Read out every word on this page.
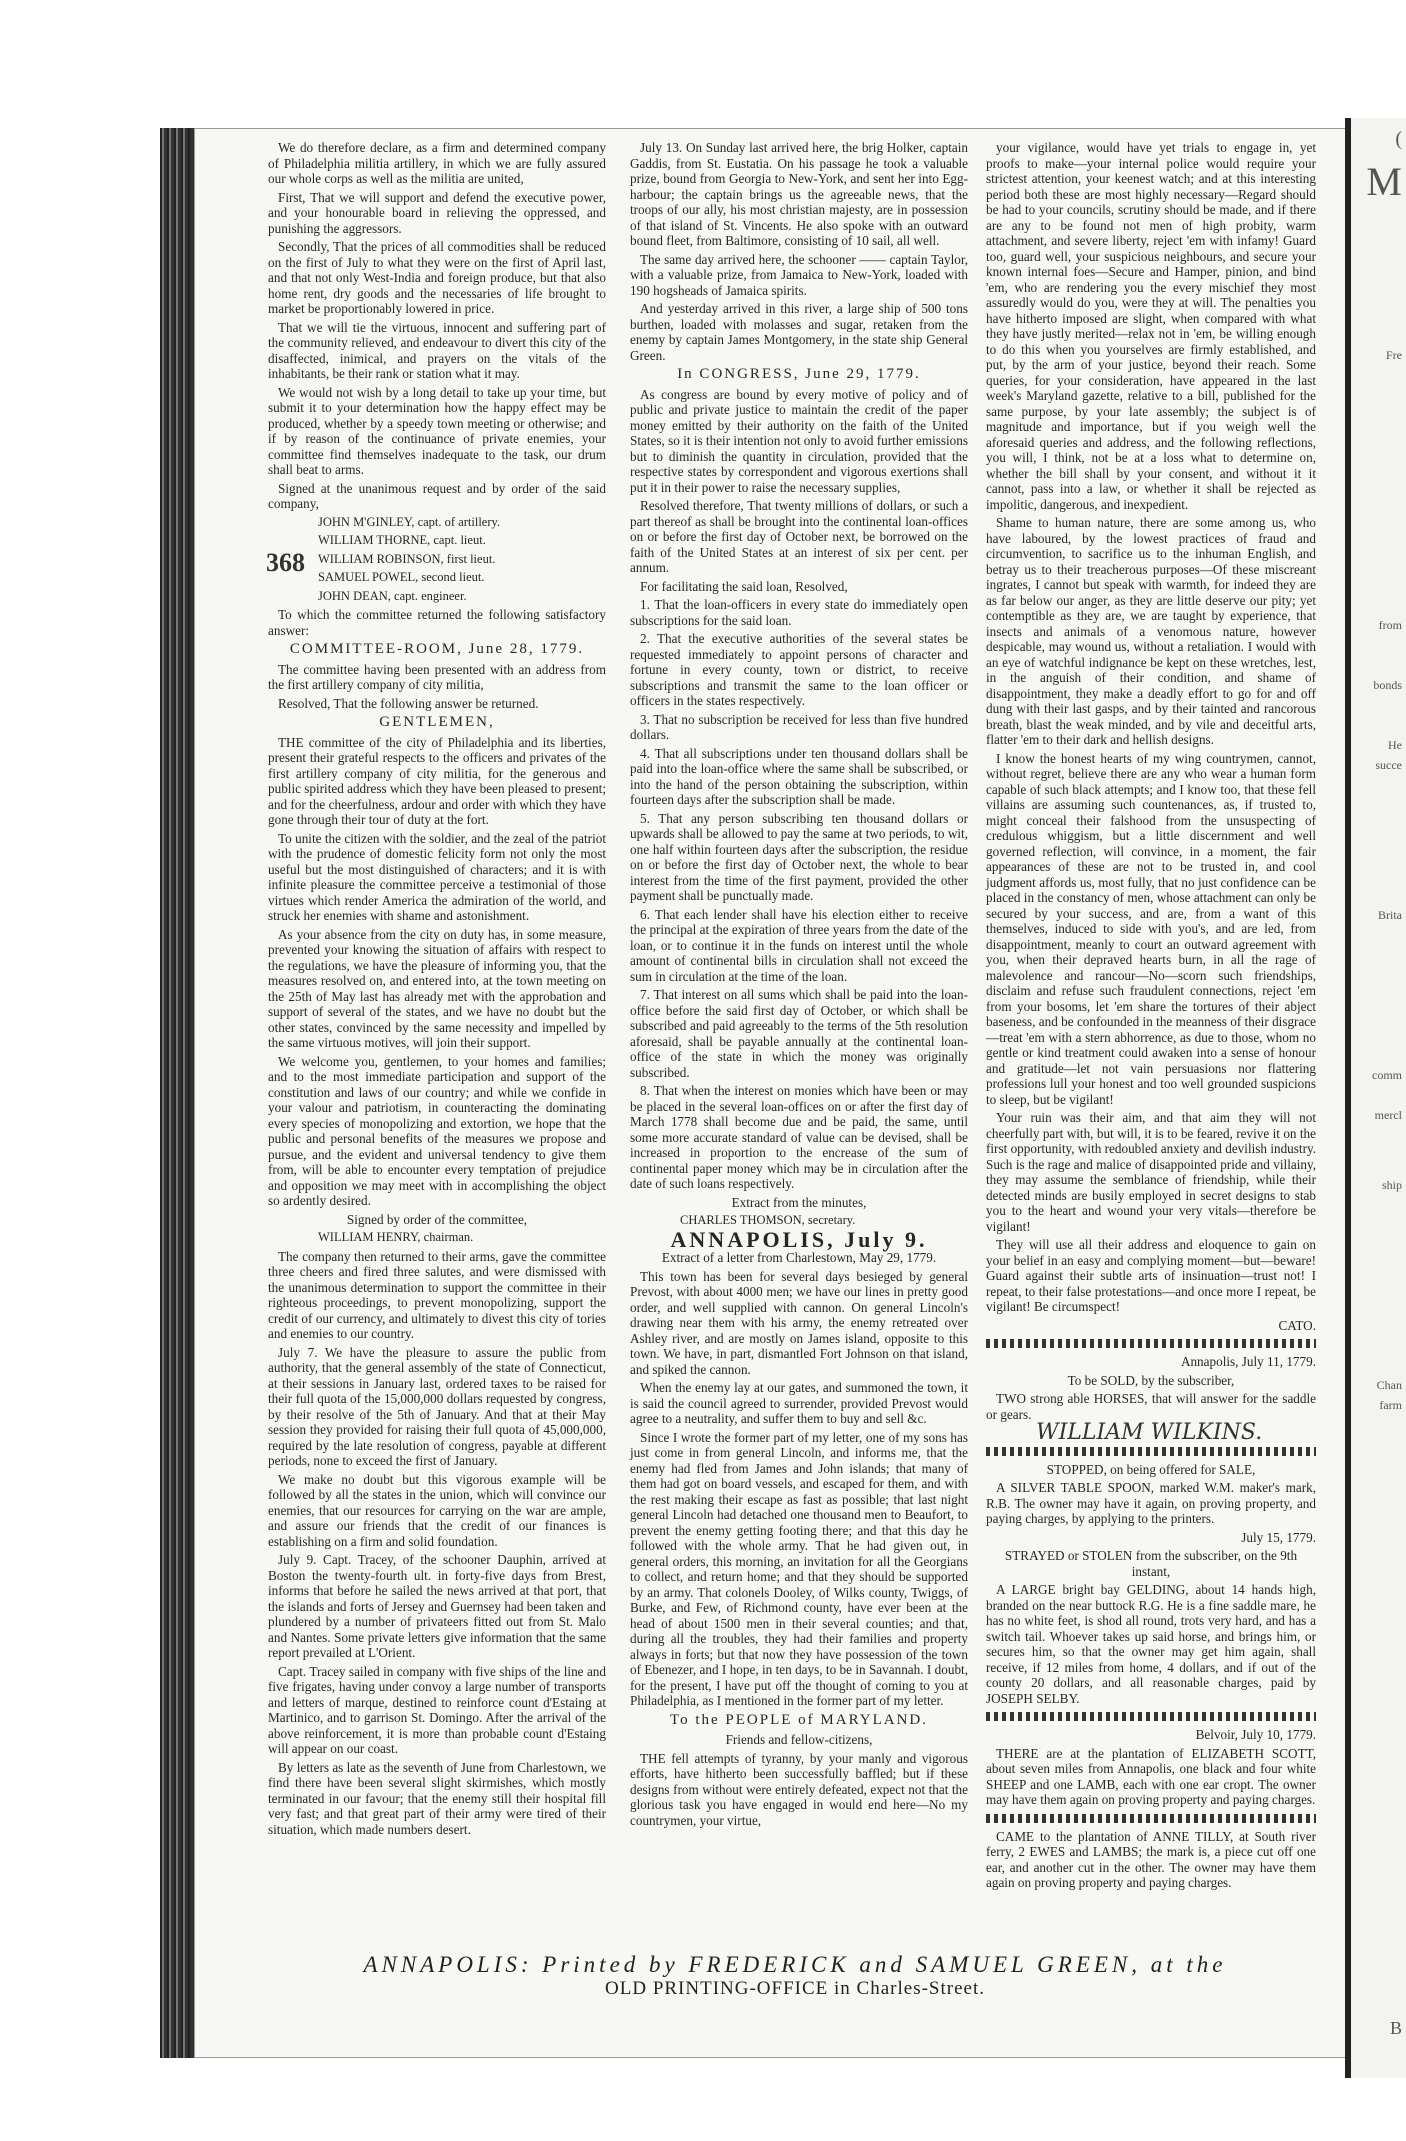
(
M
Fre
from
bonds
He
succe
Brita
comm
mercl
ship
Chan
farm
B
368

We do therefore declare, as a firm and determined company of Philadelphia militia artillery, in which we are fully assured our whole corps as well as the militia are united,

First, That we will support and defend the executive power, and your honourable board in relieving the oppressed, and punishing the aggressors.

Secondly, That the prices of all commodities shall be reduced on the first of July to what they were on the first of April last, and that not only West-India and foreign produce, but that also home rent, dry goods and the necessaries of life brought to market be proportionably lowered in price.

That we will tie the virtuous, innocent and suffering part of the community relieved, and endeavour to divert this city of the disaffected, inimical, and prayers on the vitals of the inhabitants, be their rank or station what it may.

We would not wish by a long detail to take up your time, but submit it to your determination how the happy effect may be produced, whether by a speedy town meeting or otherwise; and if by reason of the continuance of private enemies, your committee find themselves inadequate to the task, our drum shall beat to arms.

Signed at the unanimous request and by order of the said company,

JOHN M'GINLEY, capt. of artillery.

WILLIAM THORNE, capt. lieut.

WILLIAM ROBINSON, first lieut.

SAMUEL POWEL, second lieut.

JOHN DEAN, capt. engineer.

To which the committee returned the following satisfactory answer:

COMMITTEE-ROOM, June 28, 1779.

The committee having been presented with an address from the first artillery company of city militia,

Resolved, That the following answer be returned.

GENTLEMEN,

THE committee of the city of Philadelphia and its liberties, present their grateful respects to the officers and privates of the first artillery company of city militia, for the generous and public spirited address which they have been pleased to present; and for the cheerfulness, ardour and order with which they have gone through their tour of duty at the fort.

To unite the citizen with the soldier, and the zeal of the patriot with the prudence of domestic felicity form not only the most useful but the most distinguished of characters; and it is with infinite pleasure the committee perceive a testimonial of those virtues which render America the admiration of the world, and struck her enemies with shame and astonishment.

As your absence from the city on duty has, in some measure, prevented your knowing the situation of affairs with respect to the regulations, we have the pleasure of informing you, that the measures resolved on, and entered into, at the town meeting on the 25th of May last has already met with the approbation and support of several of the states, and we have no doubt but the other states, convinced by the same necessity and impelled by the same virtuous motives, will join their support.

We welcome you, gentlemen, to your homes and families; and to the most immediate participation and support of the constitution and laws of our country; and while we confide in your valour and patriotism, in counteracting the dominating every species of monopolizing and extortion, we hope that the public and personal benefits of the measures we propose and pursue, and the evident and universal tendency to give them from, will be able to encounter every temptation of prejudice and opposition we may meet with in accomplishing the object so ardently desired.

Signed by order of the committee,

WILLIAM HENRY, chairman.

The company then returned to their arms, gave the committee three cheers and fired three salutes, and were dismissed with the unanimous determination to support the committee in their righteous proceedings, to prevent monopolizing, support the credit of our currency, and ultimately to divest this city of tories and enemies to our country.

July 7. We have the pleasure to assure the public from authority, that the general assembly of the state of Connecticut, at their sessions in January last, ordered taxes to be raised for their full quota of the 15,000,000 dollars requested by congress, by their resolve of the 5th of January. And that at their May session they provided for raising their full quota of 45,000,000, required by the late resolution of congress, payable at different periods, none to exceed the first of January.

We make no doubt but this vigorous example will be followed by all the states in the union, which will convince our enemies, that our resources for carrying on the war are ample, and assure our friends that the credit of our finances is establishing on a firm and solid foundation.

July 9. Capt. Tracey, of the schooner Dauphin, arrived at Boston the twenty-fourth ult. in forty-five days from Brest, informs that before he sailed the news arrived at that port, that the islands and forts of Jersey and Guernsey had been taken and plundered by a number of privateers fitted out from St. Malo and Nantes. Some private letters give information that the same report prevailed at L'Orient.

Capt. Tracey sailed in company with five ships of the line and five frigates, having under convoy a large number of transports and letters of marque, destined to reinforce count d'Estaing at Martinico, and to garrison St. Domingo. After the arrival of the above reinforcement, it is more than probable count d'Estaing will appear on our coast.

By letters as late as the seventh of June from Charlestown, we find there have been several slight skirmishes, which mostly terminated in our favour; that the enemy still their hospital fill very fast; and that great part of their army were tired of their situation, which made numbers desert.

July 13. On Sunday last arrived here, the brig Holker, captain Gaddis, from St. Eustatia. On his passage he took a valuable prize, bound from Georgia to New-York, and sent her into Egg-harbour; the captain brings us the agreeable news, that the troops of our ally, his most christian majesty, are in possession of that island of St. Vincents. He also spoke with an outward bound fleet, from Baltimore, consisting of 10 sail, all well.

The same day arrived here, the schooner —— captain Taylor, with a valuable prize, from Jamaica to New-York, loaded with 190 hogsheads of Jamaica spirits.

And yesterday arrived in this river, a large ship of 500 tons burthen, loaded with molasses and sugar, retaken from the enemy by captain James Montgomery, in the state ship General Green.

In CONGRESS, June 29, 1779.

As congress are bound by every motive of policy and of public and private justice to maintain the credit of the paper money emitted by their authority on the faith of the United States, so it is their intention not only to avoid further emissions but to diminish the quantity in circulation, provided that the respective states by correspondent and vigorous exertions shall put it in their power to raise the necessary supplies,

Resolved therefore, That twenty millions of dollars, or such a part thereof as shall be brought into the continental loan-offices on or before the first day of October next, be borrowed on the faith of the United States at an interest of six per cent. per annum.

For facilitating the said loan, Resolved,

1. That the loan-officers in every state do immediately open subscriptions for the said loan.

2. That the executive authorities of the several states be requested immediately to appoint persons of character and fortune in every county, town or district, to receive subscriptions and transmit the same to the loan officer or officers in the states respectively.

3. That no subscription be received for less than five hundred dollars.

4. That all subscriptions under ten thousand dollars shall be paid into the loan-office where the same shall be subscribed, or into the hand of the person obtaining the subscription, within fourteen days after the subscription shall be made.

5. That any person subscribing ten thousand dollars or upwards shall be allowed to pay the same at two periods, to wit, one half within fourteen days after the subscription, the residue on or before the first day of October next, the whole to bear interest from the time of the first payment, provided the other payment shall be punctually made.

6. That each lender shall have his election either to receive the principal at the expiration of three years from the date of the loan, or to continue it in the funds on interest until the whole amount of continental bills in circulation shall not exceed the sum in circulation at the time of the loan.

7. That interest on all sums which shall be paid into the loan-office before the said first day of October, or which shall be subscribed and paid agreeably to the terms of the 5th resolution aforesaid, shall be payable annually at the continental loan-office of the state in which the money was originally subscribed.

8. That when the interest on monies which have been or may be placed in the several loan-offices on or after the first day of March 1778 shall become due and be paid, the same, until some more accurate standard of value can be devised, shall be increased in proportion to the encrease of the sum of continental paper money which may be in circulation after the date of such loans respectively.

Extract from the minutes,

CHARLES THOMSON, secretary.

ANNAPOLIS, July 9.

Extract of a letter from Charlestown, May 29, 1779.

This town has been for several days besieged by general Prevost, with about 4000 men; we have our lines in pretty good order, and well supplied with cannon. On general Lincoln's drawing near them with his army, the enemy retreated over Ashley river, and are mostly on James island, opposite to this town. We have, in part, dismantled Fort Johnson on that island, and spiked the cannon.

When the enemy lay at our gates, and summoned the town, it is said the council agreed to surrender, provided Prevost would agree to a neutrality, and suffer them to buy and sell &c.

Since I wrote the former part of my letter, one of my sons has just come in from general Lincoln, and informs me, that the enemy had fled from James and John islands; that many of them had got on board vessels, and escaped for them, and with the rest making their escape as fast as possible; that last night general Lincoln had detached one thousand men to Beaufort, to prevent the enemy getting footing there; and that this day he followed with the whole army. That he had given out, in general orders, this morning, an invitation for all the Georgians to collect, and return home; and that they should be supported by an army. That colonels Dooley, of Wilks county, Twiggs, of Burke, and Few, of Richmond county, have ever been at the head of about 1500 men in their several counties; and that, during all the troubles, they had their families and property always in forts; but that now they have possession of the town of Ebenezer, and I hope, in ten days, to be in Savannah. I doubt, for the present, I have put off the thought of coming to you at Philadelphia, as I mentioned in the former part of my letter.

To the PEOPLE of MARYLAND.

Friends and fellow-citizens,

THE fell attempts of tyranny, by your manly and vigorous efforts, have hitherto been successfully baffled; but if these designs from without were entirely defeated, expect not that the glorious task you have engaged in would end here—No my countrymen, your virtue,

your vigilance, would have yet trials to engage in, yet proofs to make—your internal police would require your strictest attention, your keenest watch; and at this interesting period both these are most highly necessary—Regard should be had to your councils, scrutiny should be made, and if there are any to be found not men of high probity, warm attachment, and severe liberty, reject 'em with infamy! Guard too, guard well, your suspicious neighbours, and secure your known internal foes—Secure and Hamper, pinion, and bind 'em, who are rendering you the every mischief they most assuredly would do you, were they at will. The penalties you have hitherto imposed are slight, when compared with what they have justly merited—relax not in 'em, be willing enough to do this when you yourselves are firmly established, and put, by the arm of your justice, beyond their reach. Some queries, for your consideration, have appeared in the last week's Maryland gazette, relative to a bill, published for the same purpose, by your late assembly; the subject is of magnitude and importance, but if you weigh well the aforesaid queries and address, and the following reflections, you will, I think, not be at a loss what to determine on, whether the bill shall by your consent, and without it it cannot, pass into a law, or whether it shall be rejected as impolitic, dangerous, and inexpedient.

Shame to human nature, there are some among us, who have laboured, by the lowest practices of fraud and circumvention, to sacrifice us to the inhuman English, and betray us to their treacherous purposes—Of these miscreant ingrates, I cannot but speak with warmth, for indeed they are as far below our anger, as they are little deserve our pity; yet contemptible as they are, we are taught by experience, that insects and animals of a venomous nature, however despicable, may wound us, without a retaliation. I would with an eye of watchful indignance be kept on these wretches, lest, in the anguish of their condition, and shame of disappointment, they make a deadly effort to go for and off dung with their last gasps, and by their tainted and rancorous breath, blast the weak minded, and by vile and deceitful arts, flatter 'em to their dark and hellish designs.

I know the honest hearts of my wing countrymen, cannot, without regret, believe there are any who wear a human form capable of such black attempts; and I know too, that these fell villains are assuming such countenances, as, if trusted to, might conceal their falshood from the unsuspecting of credulous whiggism, but a little discernment and well governed reflection, will convince, in a moment, the fair appearances of these are not to be trusted in, and cool judgment affords us, most fully, that no just confidence can be placed in the constancy of men, whose attachment can only be secured by your success, and are, from a want of this themselves, induced to side with you's, and are led, from disappointment, meanly to court an outward agreement with you, when their depraved hearts burn, in all the rage of malevolence and rancour—No—scorn such friendships, disclaim and refuse such fraudulent connections, reject 'em from your bosoms, let 'em share the tortures of their abject baseness, and be confounded in the meanness of their disgrace—treat 'em with a stern abhorrence, as due to those, whom no gentle or kind treatment could awaken into a sense of honour and gratitude—let not vain persuasions nor flattering professions lull your honest and too well grounded suspicions to sleep, but be vigilant!

Your ruin was their aim, and that aim they will not cheerfully part with, but will, it is to be feared, revive it on the first opportunity, with redoubled anxiety and devilish industry. Such is the rage and malice of disappointed pride and villainy, they may assume the semblance of friendship, while their detected minds are busily employed in secret designs to stab you to the heart and wound your very vitals—therefore be vigilant!

They will use all their address and eloquence to gain on your belief in an easy and complying moment—but—beware! Guard against their subtle arts of insinuation—trust not! I repeat, to their false protestations—and once more I repeat, be vigilant! Be circumspect!

CATO.

Annapolis, July 11, 1779.

To be SOLD, by the subscriber,

TWO strong able HORSES, that will answer for the saddle or gears.

WILLIAM WILKINS.

STOPPED, on being offered for SALE,

A SILVER TABLE SPOON, marked W.M. maker's mark, R.B. The owner may have it again, on proving property, and paying charges, by applying to the printers.

July 15, 1779.

STRAYED or STOLEN from the subscriber, on the 9th instant,

A LARGE bright bay GELDING, about 14 hands high, branded on the near buttock R.G. He is a fine saddle mare, he has no white feet, is shod all round, trots very hard, and has a switch tail. Whoever takes up said horse, and brings him, or secures him, so that the owner may get him again, shall receive, if 12 miles from home, 4 dollars, and if out of the county 20 dollars, and all reasonable charges, paid by JOSEPH SELBY.

Belvoir, July 10, 1779.

THERE are at the plantation of ELIZABETH SCOTT, about seven miles from Annapolis, one black and four white SHEEP and one LAMB, each with one ear cropt. The owner may have them again on proving property and paying charges.

CAME to the plantation of ANNE TILLY, at South river ferry, 2 EWES and LAMBS; the mark is, a piece cut off one ear, and another cut in the other. The owner may have them again on proving property and paying charges.

ANNAPOLIS: Printed by FREDERICK and SAMUEL GREEN, at the
OLD PRINTING-OFFICE in Charles-Street.
